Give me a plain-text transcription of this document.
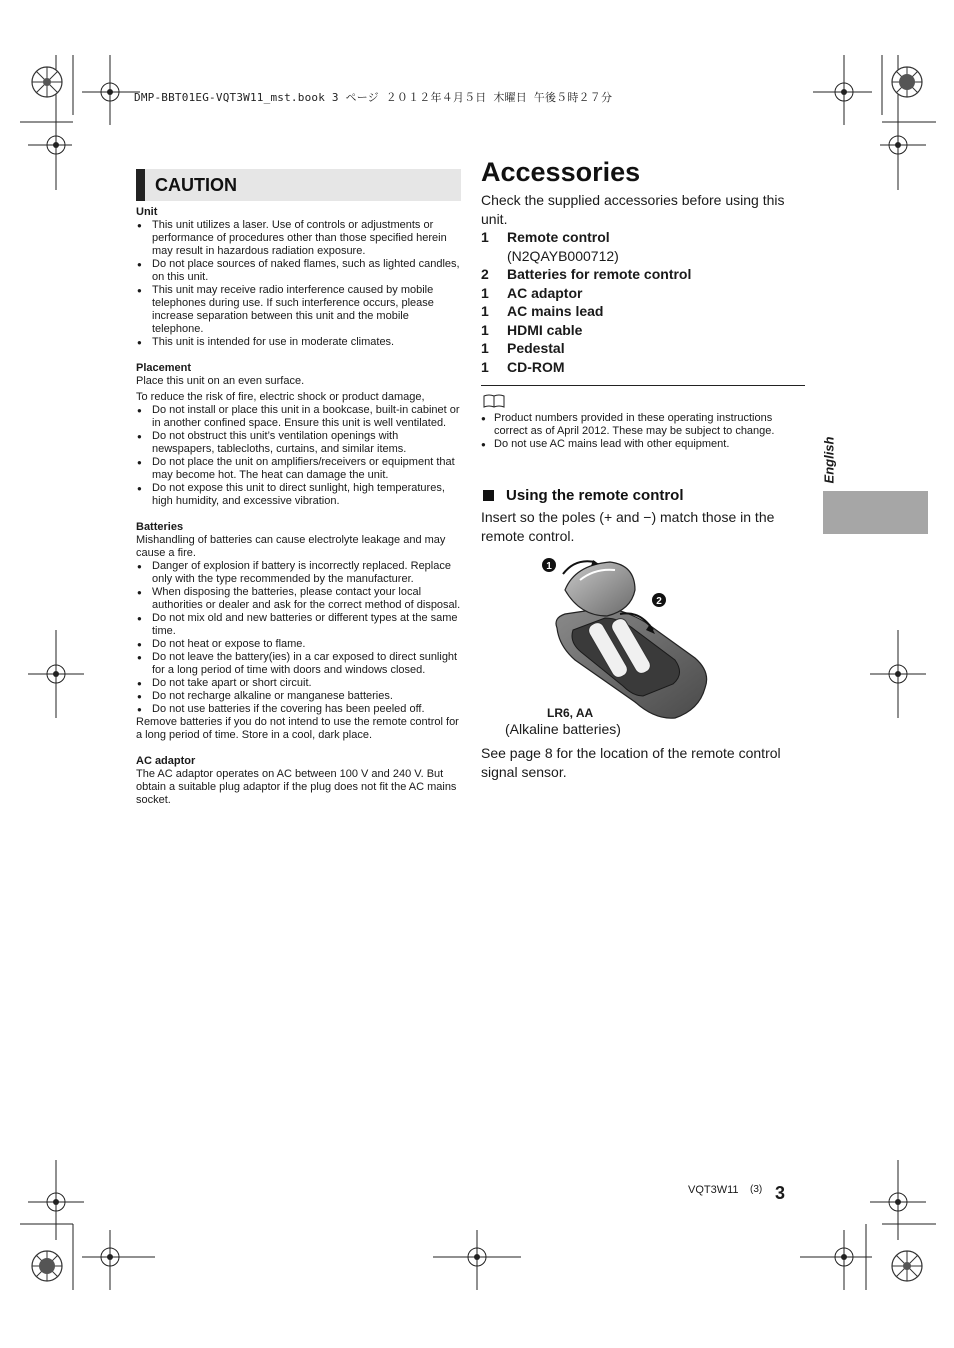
DMP-BBT01EG-VQT3W11_mst.book 3 ページ ２０１２年４月５日 木曜日 午後５時２７分
CAUTION
Unit
● This unit utilizes a laser. Use of controls or adjustments or performance of procedures other than those specified herein may result in hazardous radiation exposure.
● Do not place sources of naked flames, such as lighted candles, on this unit.
● This unit may receive radio interference caused by mobile telephones during use. If such interference occurs, please increase separation between this unit and the mobile telephone.
● This unit is intended for use in moderate climates.
Placement

Place this unit on an even surface.

To reduce the risk of fire, electric shock or product damage,

● Do not install or place this unit in a bookcase, built-in cabinet or in another confined space. Ensure this unit is well ventilated.
● Do not obstruct this unit’s ventilation openings with newspapers, tablecloths, curtains, and similar items.
● Do not place the unit on amplifiers/receivers or equipment that may become hot. The heat can damage the unit.
● Do not expose this unit to direct sunlight, high temperatures, high humidity, and excessive vibration.
Batteries

Mishandling of batteries can cause electrolyte leakage and may cause a fire.

● Danger of explosion if battery is incorrectly replaced. Replace only with the type recommended by the manufacturer.
● When disposing the batteries, please contact your local authorities or dealer and ask for the correct method of disposal.
● Do not mix old and new batteries or different types at the same time.
● Do not heat or expose to flame.
● Do not leave the battery(ies) in a car exposed to direct sunlight for a long period of time with doors and windows closed.
● Do not take apart or short circuit.
● Do not recharge alkaline or manganese batteries.
● Do not use batteries if the covering has been peeled off.

Remove batteries if you do not intend to use the remote control for a long period of time. Store in a cool, dark place.

AC adaptor

The AC adaptor operates on AC between 100 V and 240 V. But obtain a suitable plug adaptor if the plug does not fit the AC mains socket.

Accessories

Check the supplied accessories before using this unit.

1	Remote control
(N2QAYB000712)
2	Batteries for remote control
1	AC adaptor
1	AC mains lead
1	HDMI cable
1	Pedestal
1	CD-ROM
● Product numbers provided in these operating instructions correct as of April 2012. These may be subject to change.
● Do not use AC mains lead with other equipment.
Using the remote control
Insert so the poles (+ and −) match those in the remote control.
1
2
LR6, AA
(Alkaline batteries)
See page 8 for the location of the remote control signal sensor.
English
VQT3W11 (3) 3
